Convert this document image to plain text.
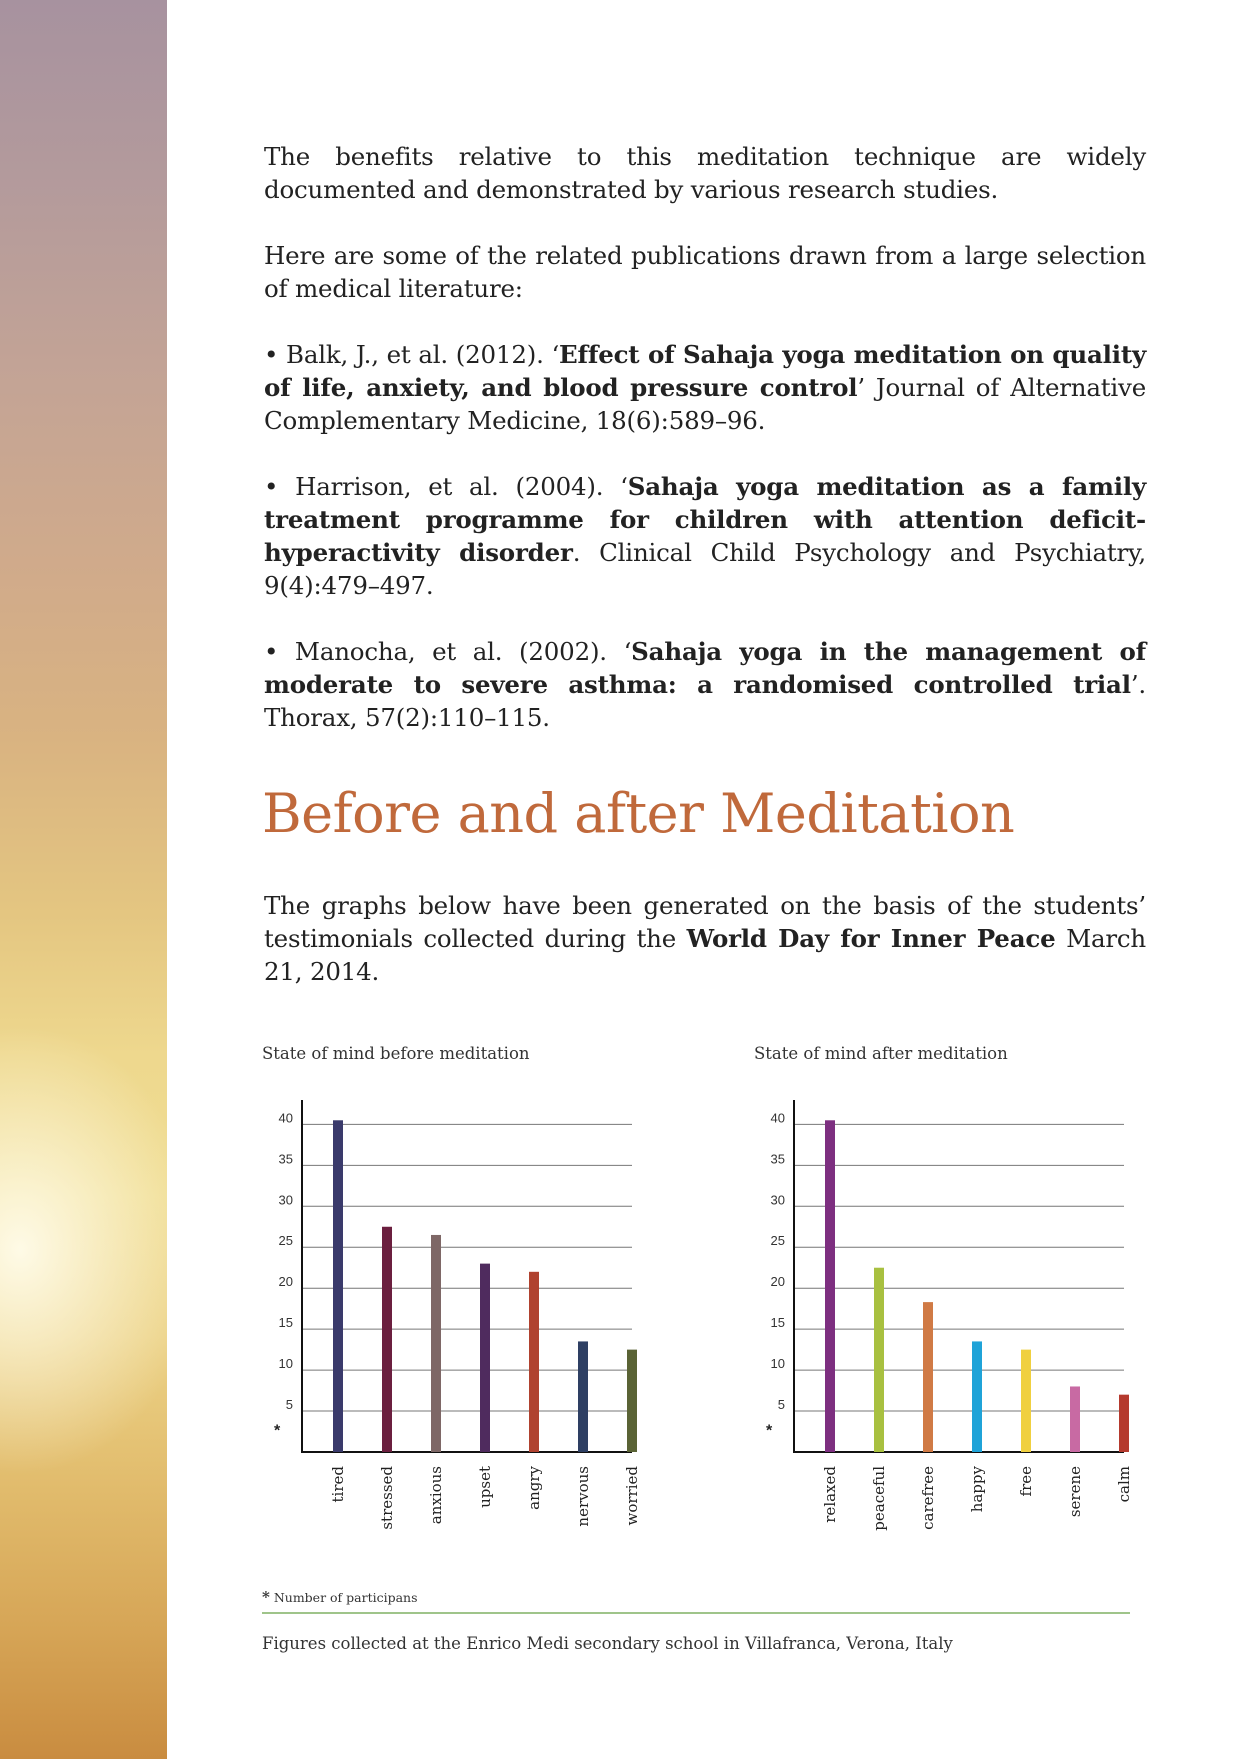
The benefits relative to this meditation technique are widely documented and demonstrated by various research studies.

Here are some of the related publications drawn from a large selection of medical literature:

• Balk, J., et al. (2012). ‘Effect of Sahaja yoga meditation on quality of life, anxiety, and blood pressure control’ Journal of Alternative Complementary Medicine, 18(6):589–96.

• Harrison, et al. (2004). ‘Sahaja yoga meditation as a family treatment programme for children with attention deficit-hyperactivity disorder. Clinical Child Psychology and Psychiatry, 9(4):479–497.

• Manocha, et al. (2002). ‘Sahaja yoga in the management of moderate to severe asthma: a randomised controlled trial’. Thorax, 57(2):110–115.

Before and after Meditation

The graphs below have been generated on the basis of the students’ testimonials collected during the World Day for Inner Peace March 21, 2014.

State of mind before meditation	State of mind after meditation

5
10
15
20
25
30
35
40
*
tired stressed anxious upset angry nervous worried
5
10
15
20
25
30
35
40
*
relaxed peaceful carefree happy free serene calm
* Number of participans
Figures collected at the Enrico Medi secondary school in Villafranca, Verona, Italy
